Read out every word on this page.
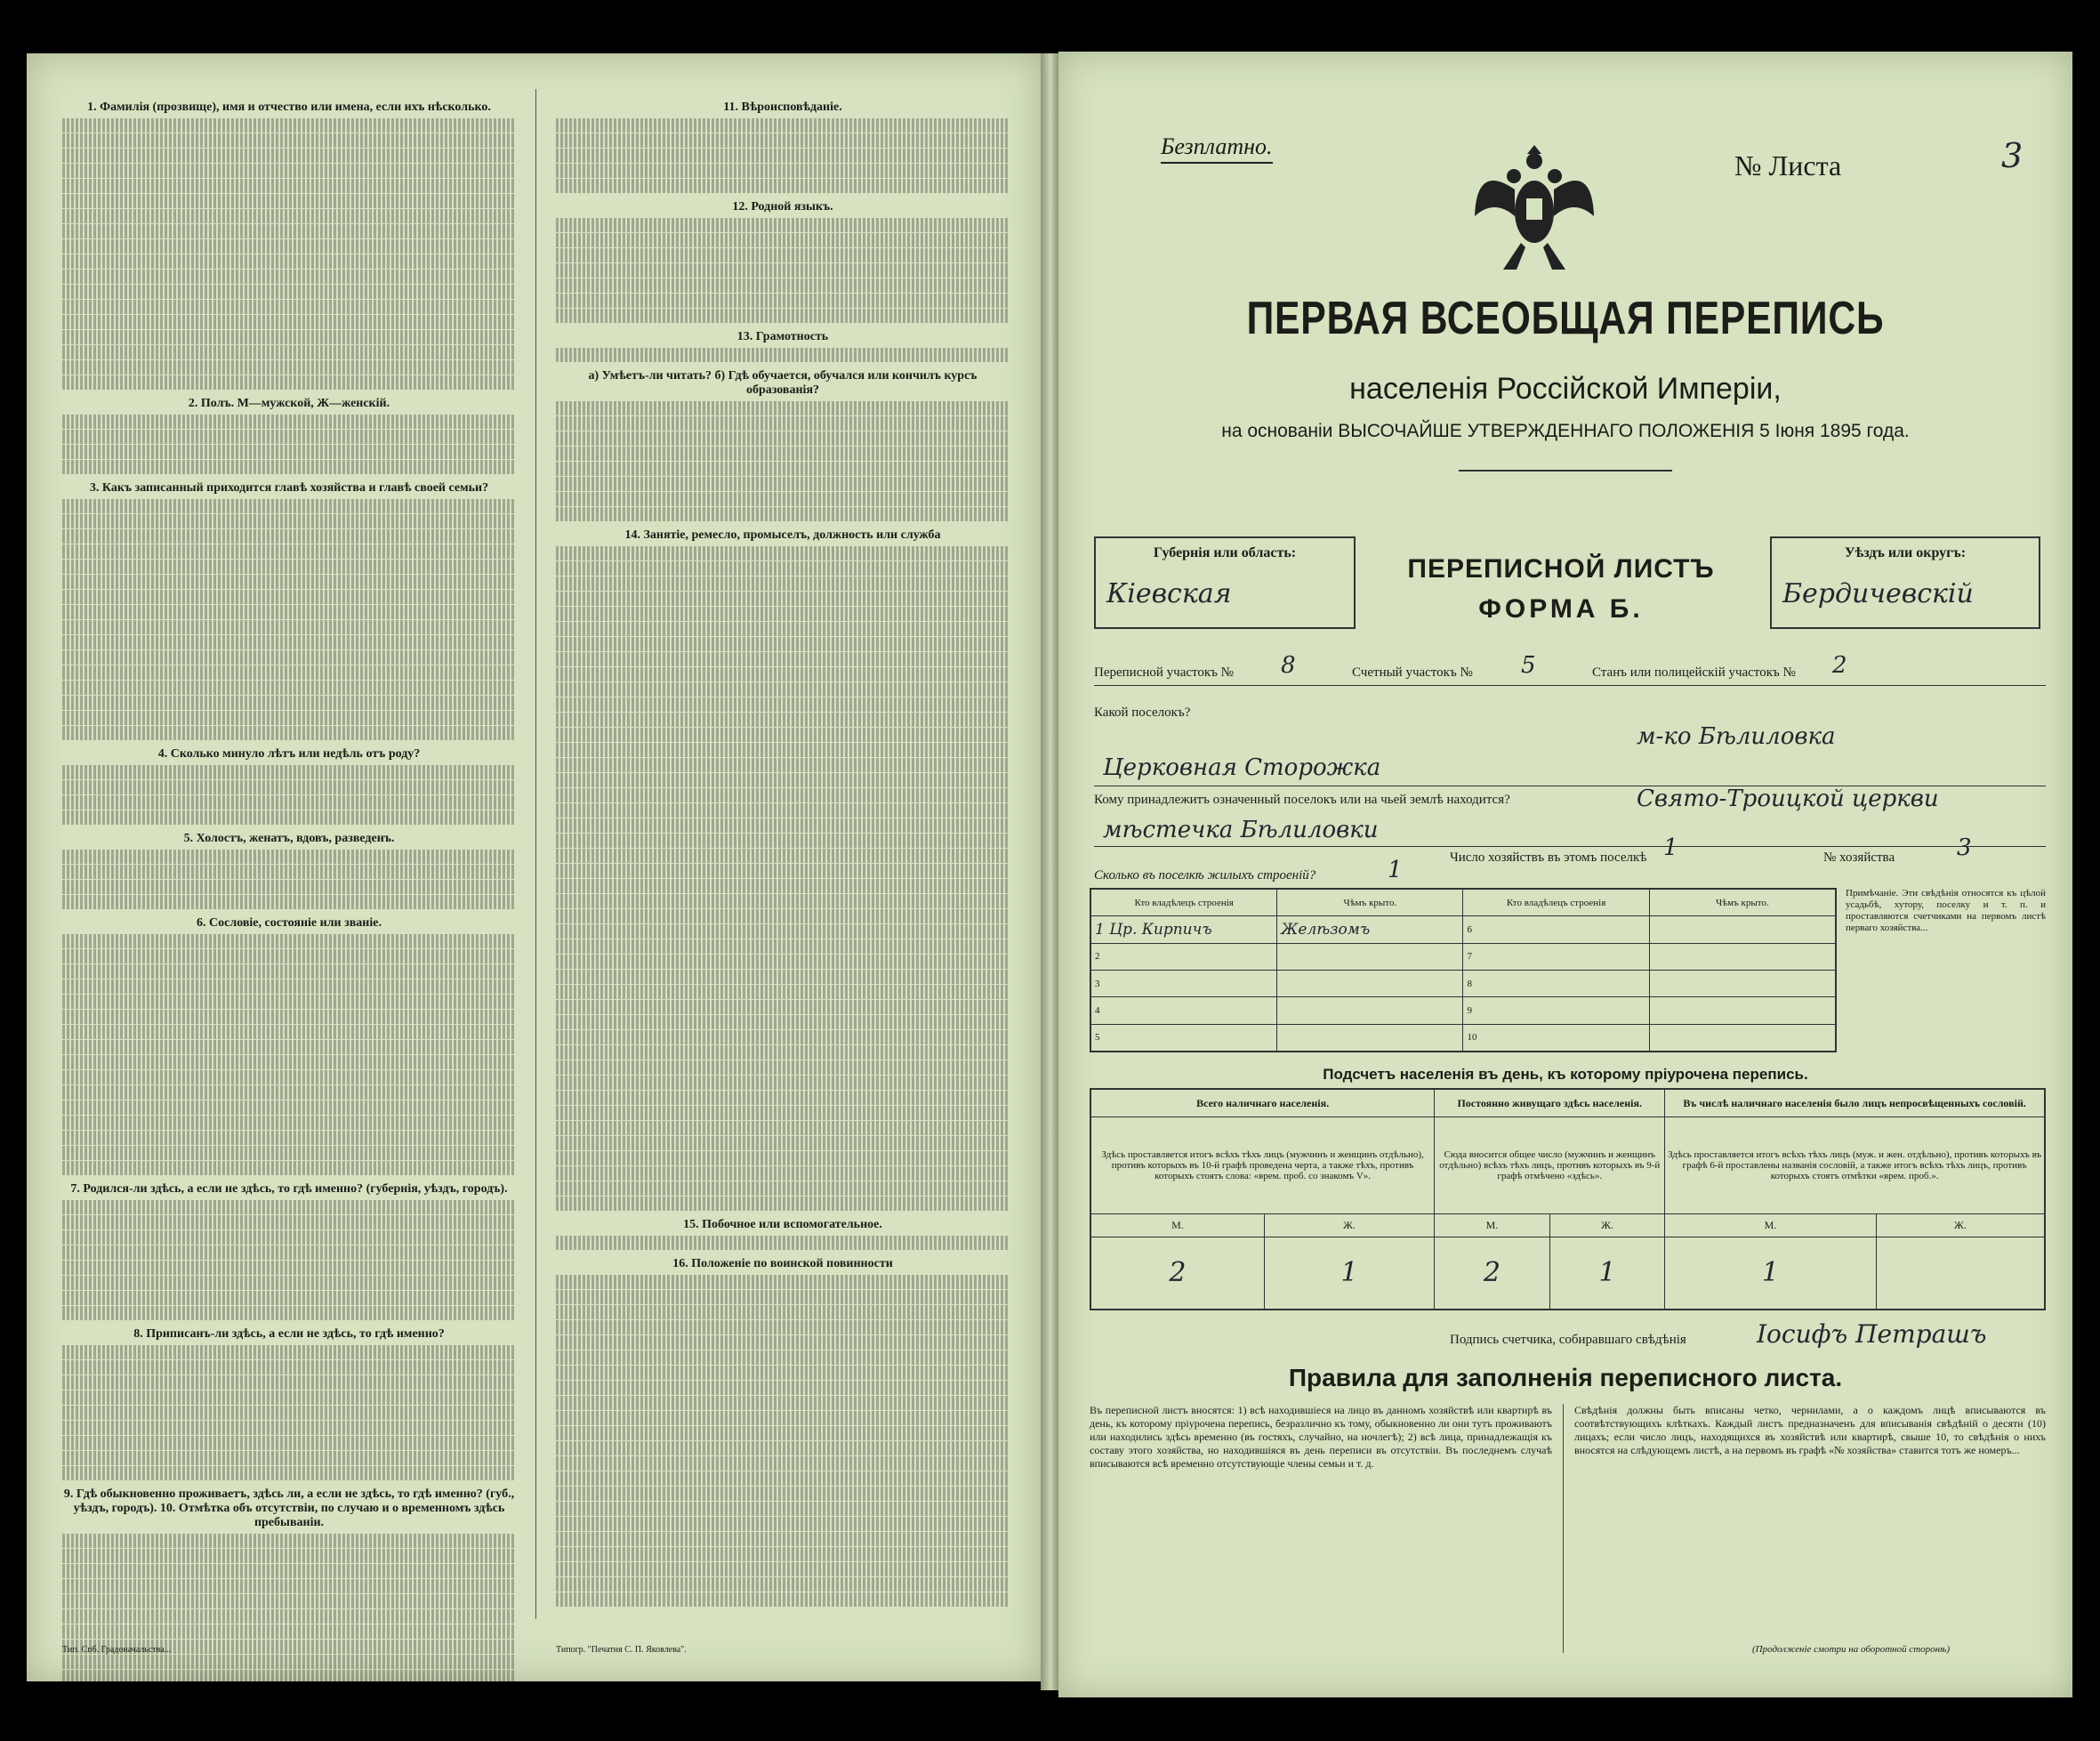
1. Фамилія (прозвище), имя и отчество или имена, если ихъ нѣсколько.
2. Полъ. М—мужской, Ж—женскій.
3. Какъ записанный приходится главѣ хозяйства и главѣ своей семьи?
4. Сколько минуло лѣтъ или недѣль отъ роду?
5. Холостъ, женатъ, вдовъ, разведенъ.
6. Сословіе, состояніе или званіе.
7. Родился-ли здѣсь, а если не здѣсь, то гдѣ именно? (губернія, уѣздъ, городъ).
8. Приписанъ-ли здѣсь, а если не здѣсь, то гдѣ именно?
9. Гдѣ обыкновенно проживаетъ, здѣсь ли, а если не здѣсь, то гдѣ именно? (губ., уѣздъ, городъ). 10. Отмѣтка объ отсутствіи, по случаю и о временномъ здѣсь пребываніи.
11. Вѣроисповѣданіе.
12. Родной языкъ.
13. Грамотность
а) Умѣетъ-ли читать? б) Гдѣ обучается, обучался или кончилъ курсъ образованія?
14. Занятіе, ремесло, промыселъ, должность или служба
15. Побочное или вспомогательное.
16. Положеніе по воинской повинности
Тип. Спб. Градоначальства...	Типогр. "Печатня С. П. Яковлева".
Безплатно.
№ Листа	3
ПЕРВАЯ ВСЕОБЩАЯ ПЕРЕПИСЬ
населенія Россійской Имперіи,
на основаніи ВЫСОЧАЙШЕ УТВЕРЖДЕННАГО ПОЛОЖЕНІЯ 5 Іюня 1895 года.
Губернія или область:
Кіевская
ПЕРЕПИСНОЙ ЛИСТЪ
ФОРМА Б.
Уѣздъ или округъ:
Бердичевскій
Переписной участокъ № 8	Счетный участокъ № 5	Станъ или полицейскій участокъ № 2
Какой поселокъ?
м-ко Бѣлиловка
Церковная Сторожка
Кому принадлежитъ означенный поселокъ или на чьей землѣ находится?	Свято-Троицкой церкви
мѣстечка Бѣлиловки
Число хозяйствъ въ этомъ поселкѣ 1	№ хозяйства	3
Сколько въ поселкѣ жилыхъ строеній?	1
Кто владѣлецъ строенія	Чѣмъ крыто.	Кто владѣлецъ строенія	Чѣмъ крыто.
1 Цр. Кирпичъ	Желѣзомъ	6	
2		7	
3		8	
4		9	
5		10	
Примѣчаніе. Эти свѣдѣнія относятся къ цѣлой усадьбѣ, хутору, поселку и т. п. и проставляются счетчиками на первомъ листѣ перваго хозяйства...
Подсчетъ населенія въ день, къ которому пріурочена перепись.
Всего наличнаго населенія.		Постоянно живущаго здѣсь населенія.		Въ числѣ наличнаго населенія было лицъ непросвѣщенныхъ сословій.	
Здѣсь проставляется итогъ всѣхъ тѣхъ лицъ (мужчинъ и женщинъ отдѣльно), противъ которыхъ въ 10-й графѣ проведена черта, а также тѣхъ, противъ которыхъ стоятъ слова: «врем. проб. со знакомъ V».		Сюда вносится общее число (мужчинъ и женщинъ отдѣльно) всѣхъ тѣхъ лицъ, противъ которыхъ въ 9-й графѣ отмѣчено «здѣсь».		Здѣсь проставляется итогъ всѣхъ тѣхъ лицъ (муж. и жен. отдѣльно), противъ которыхъ въ графѣ 6-й проставлены названія сословій, а также итогъ всѣхъ тѣхъ лицъ, противъ которыхъ стоятъ отмѣтки «врем. проб.».	
М.	Ж.	М.	Ж.	М.	Ж.
2	1	2	1	1	
Подпись счетчика, собиравшаго свѣдѣнія	Іосифъ Петрашъ
Правила для заполненія переписного листа.
Въ переписной листъ вносятся: 1) всѣ находившіеся на лицо въ данномъ хозяйствѣ или квартирѣ въ день, къ которому пріурочена перепись, безразлично къ тому, обыкновенно ли они тутъ проживаютъ или находились здѣсь временно (въ гостяхъ, случайно, на ночлегѣ); 2) всѣ лица, принадлежащія къ составу этого хозяйства, но находившіяся въ день переписи въ отсутствіи. Въ последнемъ случаѣ вписываются всѣ временно отсутствующіе члены семьи и т. д.
Свѣдѣнія должны быть вписаны четко, чернилами, а о каждомъ лицѣ вписываются въ соотвѣтствующихъ клѣткахъ. Каждый листъ предназначенъ для вписыванія свѣдѣній о десяти (10) лицахъ; если число лицъ, находящихся въ хозяйствѣ или квартирѣ, свыше 10, то свѣдѣнія о нихъ вносятся на слѣдующемъ листѣ, а на первомъ въ графѣ «№ хозяйства» ставится тотъ же номеръ...
(Продолженіе смотри на оборотной сторонѣ)
